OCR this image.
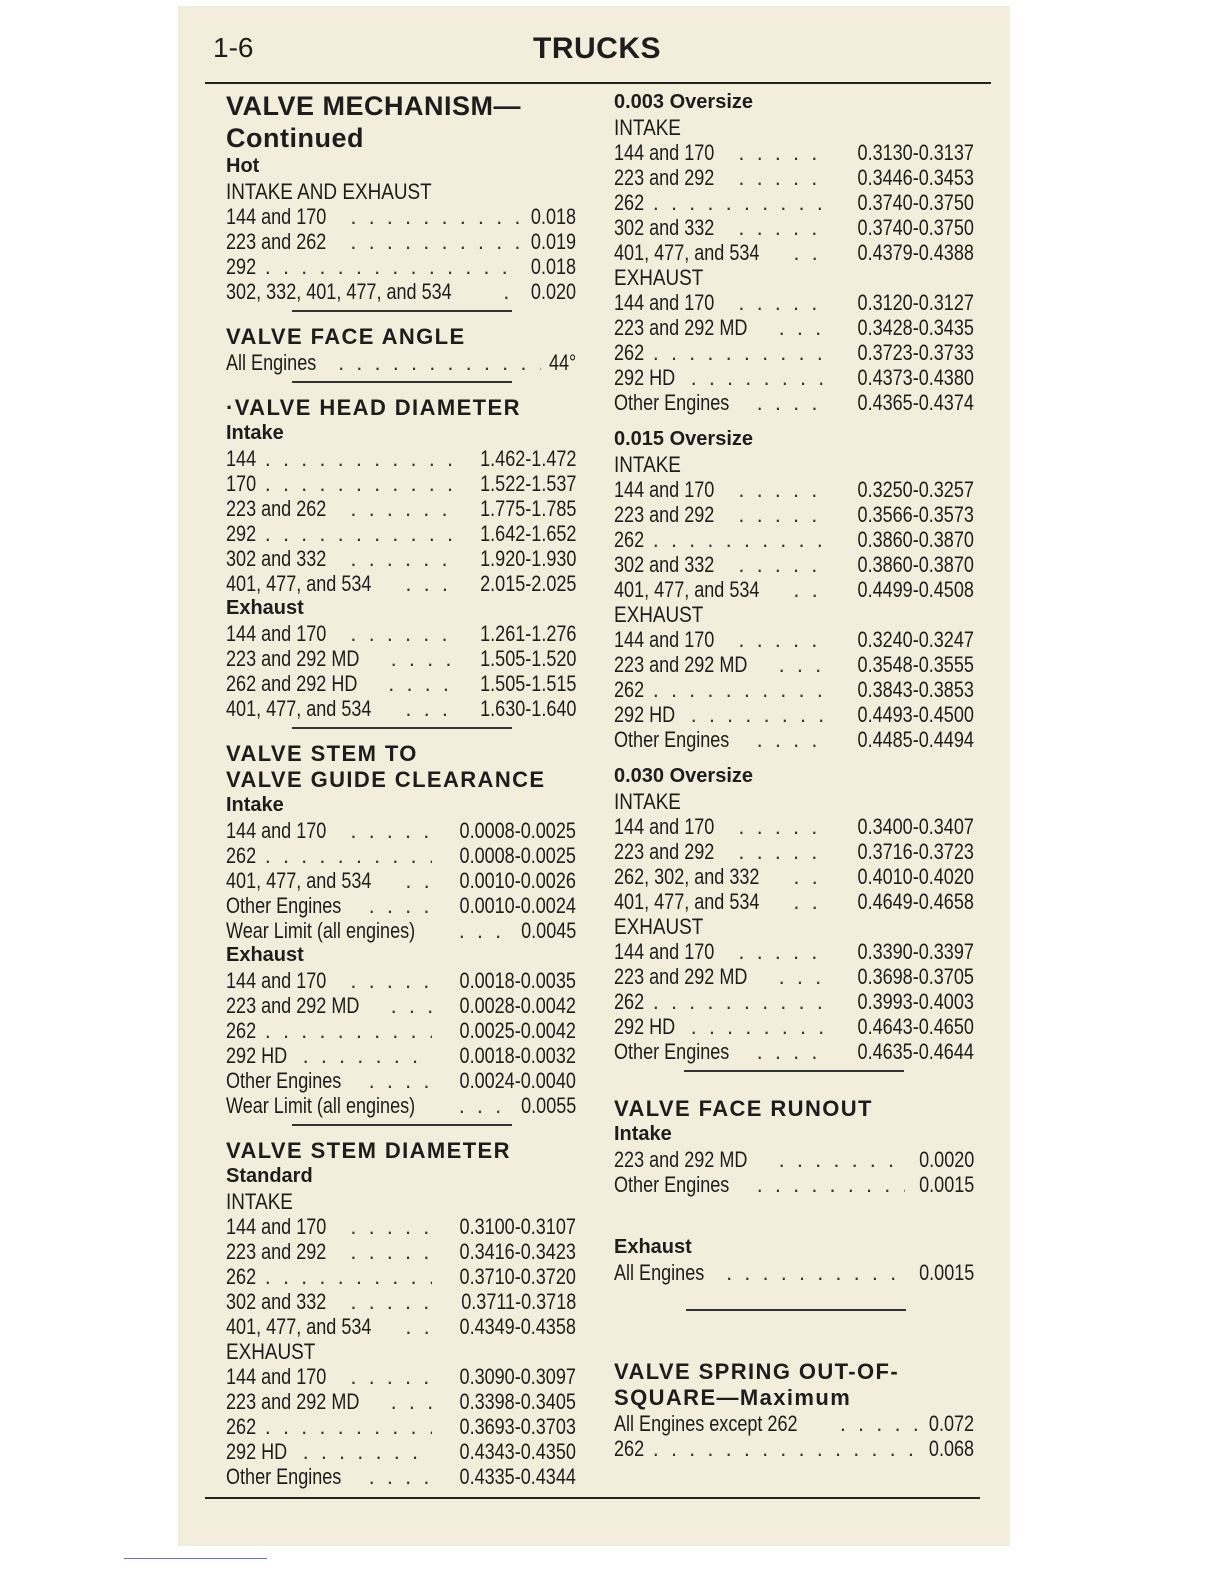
1-6	TRUCKS
VALVE MECHANISM—
Continued
Hot
INTAKE AND EXHAUST
144 and 170 . . .	0.018
223 and 262 . . .	0.019
292 . . .	0.018
302, 332, 401, 477, and 534 . . .	0.020
VALVE FACE ANGLE
All Engines . . .	44°
·VALVE HEAD DIAMETER
Intake
144 . . .	1.462-1.472
170 . . .	1.522-1.537
223 and 262 . . .	1.775-1.785
292 . . .	1.642-1.652
302 and 332 . . .	1.920-1.930
401, 477, and 534 . . .	2.015-2.025
Exhaust
144 and 170 . . .	1.261-1.276
223 and 292 MD . . .	1.505-1.520
262 and 292 HD . . .	1.505-1.515
401, 477, and 534 . . .	1.630-1.640
VALVE STEM TO
VALVE GUIDE CLEARANCE
Intake
144 and 170 . . .	0.0008-0.0025
262 . . .	0.0008-0.0025
401, 477, and 534 . . .	0.0010-0.0026
Other Engines . . .	0.0010-0.0024
Wear Limit (all engines) . . .	0.0045
Exhaust
144 and 170 . . .	0.0018-0.0035
223 and 292 MD . . .	0.0028-0.0042
262 . . .	0.0025-0.0042
292 HD . . .	0.0018-0.0032
Other Engines . . .	0.0024-0.0040
Wear Limit (all engines) . . .	0.0055
VALVE STEM DIAMETER
Standard
INTAKE
144 and 170 . . .	0.3100-0.3107
223 and 292 . . .	0.3416-0.3423
262 . . .	0.3710-0.3720
302 and 332 . . .	0.3711-0.3718
401, 477, and 534 . . .	0.4349-0.4358
EXHAUST
144 and 170 . . .	0.3090-0.3097
223 and 292 MD . . .	0.3398-0.3405
262 . . .	0.3693-0.3703
292 HD . . .	0.4343-0.4350
Other Engines . . .	0.4335-0.4344
0.003 Oversize
INTAKE
144 and 170 . . .	0.3130-0.3137
223 and 292 . . .	0.3446-0.3453
262 . . .	0.3740-0.3750
302 and 332 . . .	0.3740-0.3750
401, 477, and 534 . . .	0.4379-0.4388
EXHAUST
144 and 170 . . .	0.3120-0.3127
223 and 292 MD . . .	0.3428-0.3435
262 . . .	0.3723-0.3733
292 HD . . .	0.4373-0.4380
Other Engines . . .	0.4365-0.4374
0.015 Oversize
INTAKE
144 and 170 . . .	0.3250-0.3257
223 and 292 . . .	0.3566-0.3573
262 . . .	0.3860-0.3870
302 and 332 . . .	0.3860-0.3870
401, 477, and 534 . . .	0.4499-0.4508
EXHAUST
144 and 170 . . .	0.3240-0.3247
223 and 292 MD . . .	0.3548-0.3555
262 . . .	0.3843-0.3853
292 HD . . .	0.4493-0.4500
Other Engines . . .	0.4485-0.4494
0.030 Oversize
INTAKE
144 and 170 . . .	0.3400-0.3407
223 and 292 . . .	0.3716-0.3723
262, 302, and 332 . . .	0.4010-0.4020
401, 477, and 534 . . .	0.4649-0.4658
EXHAUST
144 and 170 . . .	0.3390-0.3397
223 and 292 MD . . .	0.3698-0.3705
262 . . .	0.3993-0.4003
292 HD . . .	0.4643-0.4650
Other Engines . . .	0.4635-0.4644
VALVE FACE RUNOUT
Intake
223 and 292 MD . . .	0.0020
Other Engines . . .	0.0015
Exhaust
All Engines . . .	0.0015
VALVE SPRING OUT-OF-
SQUARE—Maximum
All Engines except 262 . . .	0.072
262 . . .	0.068
